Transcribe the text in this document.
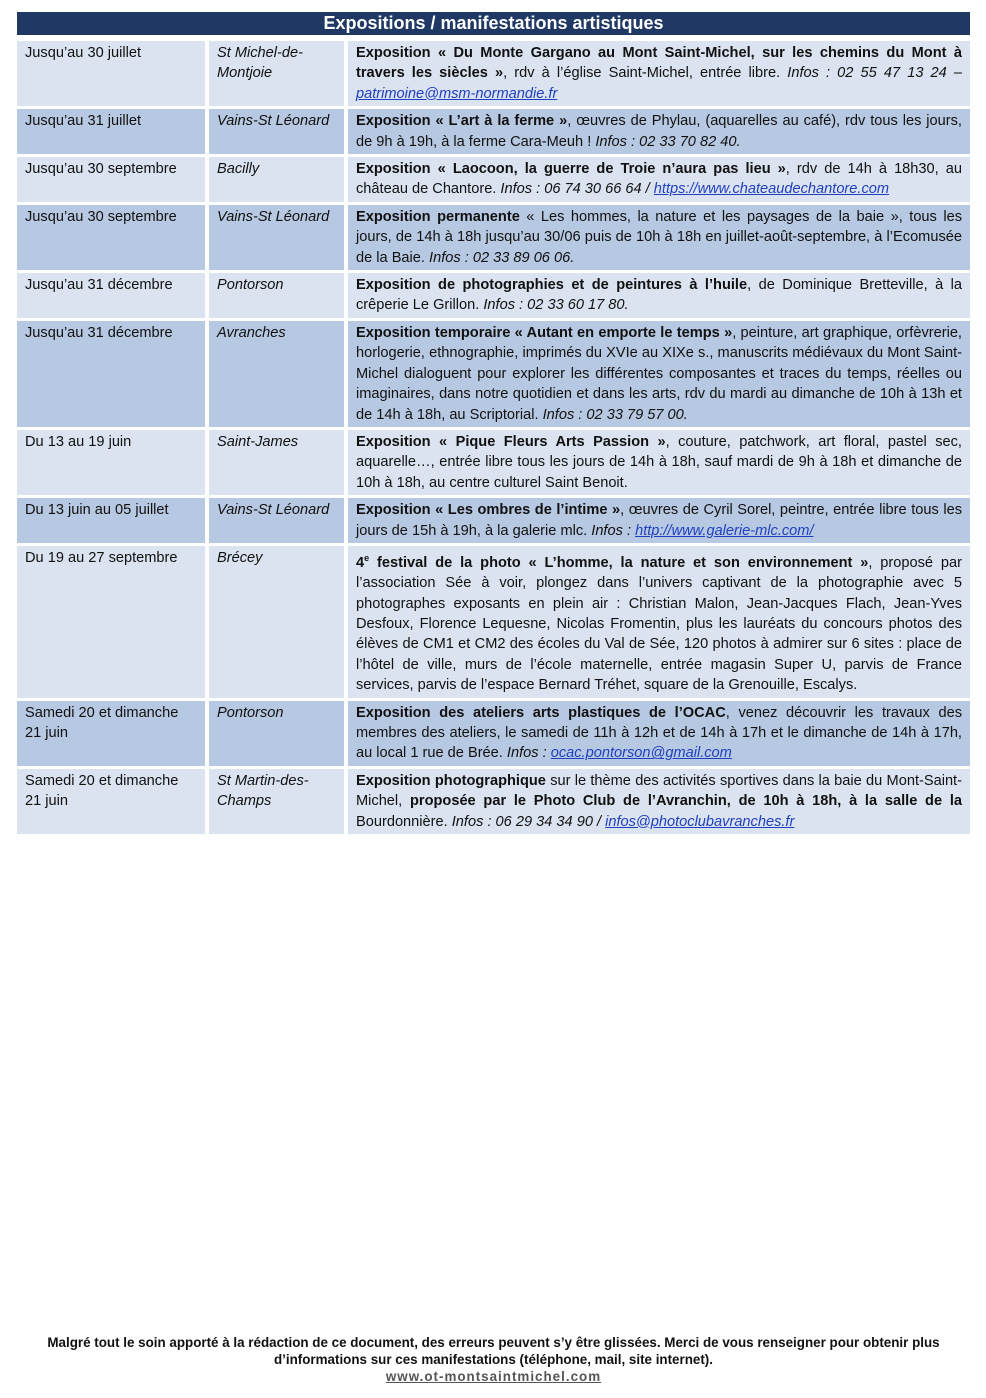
Expositions / manifestations artistiques
Jusqu’au 30 juillet	St Michel-de-Montjoie	Exposition « Du Monte Gargano au Mont Saint-Michel, sur les chemins du Mont à travers les siècles », rdv à l’église Saint-Michel, entrée libre. Infos : 02 55 47 13 24 – patrimoine@msm-normandie.fr
Jusqu’au 31 juillet	Vains-St Léonard	Exposition « L’art à la ferme », œuvres de Phylau, (aquarelles au café), rdv tous les jours, de 9h à 19h, à la ferme Cara-Meuh ! Infos : 02 33 70 82 40.
Jusqu’au 30 septembre	Bacilly	Exposition « Laocoon, la guerre de Troie n’aura pas lieu », rdv de 14h à 18h30, au château de Chantore. Infos : 06 74 30 66 64 / https://www.chateaudechantore.com
Jusqu’au 30 septembre	Vains-St Léonard	Exposition permanente « Les hommes, la nature et les paysages de la baie », tous les jours, de 14h à 18h jusqu’au 30/06 puis de 10h à 18h en juillet-août-septembre, à l’Ecomusée de la Baie. Infos : 02 33 89 06 06.
Jusqu’au 31 décembre	Pontorson	Exposition de photographies et de peintures à l’huile, de Dominique Bretteville, à la crêperie Le Grillon. Infos : 02 33 60 17 80.
Jusqu’au 31 décembre	Avranches	Exposition temporaire « Autant en emporte le temps », peinture, art graphique, orfèvrerie, horlogerie, ethnographie, imprimés du XVIe au XIXe s., manuscrits médiévaux du Mont Saint-Michel dialoguent pour explorer les différentes composantes et traces du temps, réelles ou imaginaires, dans notre quotidien et dans les arts, rdv du mardi au dimanche de 10h à 13h et de 14h à 18h, au Scriptorial. Infos : 02 33 79 57 00.
Du 13 au 19 juin	Saint-James	Exposition « Pique Fleurs Arts Passion », couture, patchwork, art floral, pastel sec, aquarelle…, entrée libre tous les jours de 14h à 18h, sauf mardi de 9h à 18h et dimanche de 10h à 18h, au centre culturel Saint Benoit.
Du 13 juin au 05 juillet	Vains-St Léonard	Exposition « Les ombres de l’intime », œuvres de Cyril Sorel, peintre, entrée libre tous les jours de 15h à 19h, à la galerie mlc. Infos : http://www.galerie-mlc.com/
Du 19 au 27 septembre	Brécey	4e festival de la photo « L’homme, la nature et son environnement », proposé par l’association Sée à voir, plongez dans l’univers captivant de la photographie avec 5 photographes exposants en plein air : Christian Malon, Jean-Jacques Flach, Jean-Yves Desfoux, Florence Lequesne, Nicolas Fromentin, plus les lauréats du concours photos des élèves de CM1 et CM2 des écoles du Val de Sée, 120 photos à admirer sur 6 sites : place de l’hôtel de ville, murs de l’école maternelle, entrée magasin Super U, parvis de France services, parvis de l’espace Bernard Tréhet, square de la Grenouille, Escalys.
Samedi 20 et dimanche 21 juin	Pontorson	Exposition des ateliers arts plastiques de l’OCAC, venez découvrir les travaux des membres des ateliers, le samedi de 11h à 12h et de 14h à 17h et le dimanche de 14h à 17h, au local 1 rue de Brée. Infos : ocac.pontorson@gmail.com
Samedi 20 et dimanche 21 juin	St Martin-des-Champs	Exposition photographique sur le thème des activités sportives dans la baie du Mont-Saint-Michel, proposée par le Photo Club de l’Avranchin, de 10h à 18h, à la salle de la Bourdonnière. Infos : 06 29 34 34 90 / infos@photoclubavranches.fr
Malgré tout le soin apporté à la rédaction de ce document, des erreurs peuvent s’y être glissées. Merci de vous renseigner pour obtenir plus d’informations sur ces manifestations (téléphone, mail, site internet).
www.ot-montsaintmichel.com
